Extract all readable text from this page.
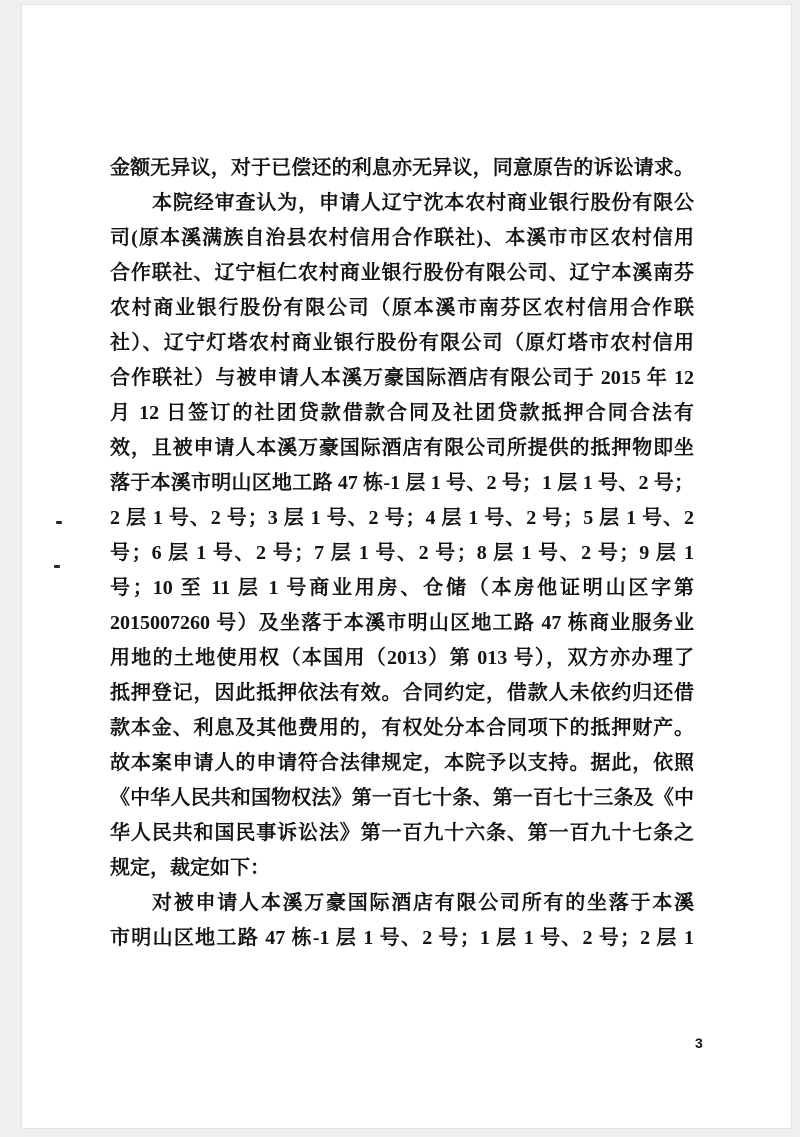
金额无异议，对于已偿还的利息亦无异议，同意原告的诉讼请求。
本院经审查认为，申请人辽宁沈本农村商业银行股份有限公
司(原本溪满族自治县农村信用合作联社)、本溪市市区农村信用
合作联社、辽宁桓仁农村商业银行股份有限公司、辽宁本溪南芬
农村商业银行股份有限公司（原本溪市南芬区农村信用合作联
社）、辽宁灯塔农村商业银行股份有限公司（原灯塔市农村信用
合作联社）与被申请人本溪万豪国际酒店有限公司于 2015 年 12
月 12 日签订的社团贷款借款合同及社团贷款抵押合同合法有
效，且被申请人本溪万豪国际酒店有限公司所提供的抵押物即坐
落于本溪市明山区地工路 47 栋-1 层 1 号、2 号；1 层 1 号、2 号；
2 层 1 号、2 号；3 层 1 号、2 号；4 层 1 号、2 号；5 层 1 号、2
号；6 层 1 号、2 号；7 层 1 号、2 号；8 层 1 号、2 号；9 层 1
号；10 至 11 层 1 号商业用房、仓储（本房他证明山区字第
2015007260 号）及坐落于本溪市明山区地工路 47 栋商业服务业
用地的土地使用权（本国用（2013）第 013 号），双方亦办理了
抵押登记，因此抵押依法有效。合同约定，借款人未依约归还借
款本金、利息及其他费用的，有权处分本合同项下的抵押财产。
故本案申请人的申请符合法律规定，本院予以支持。据此，依照
《中华人民共和国物权法》第一百七十条、第一百七十三条及《中
华人民共和国民事诉讼法》第一百九十六条、第一百九十七条之
规定，裁定如下：
对被申请人本溪万豪国际酒店有限公司所有的坐落于本溪
市明山区地工路 47 栋-1 层 1 号、2 号；1 层 1 号、2 号；2 层 1
3
